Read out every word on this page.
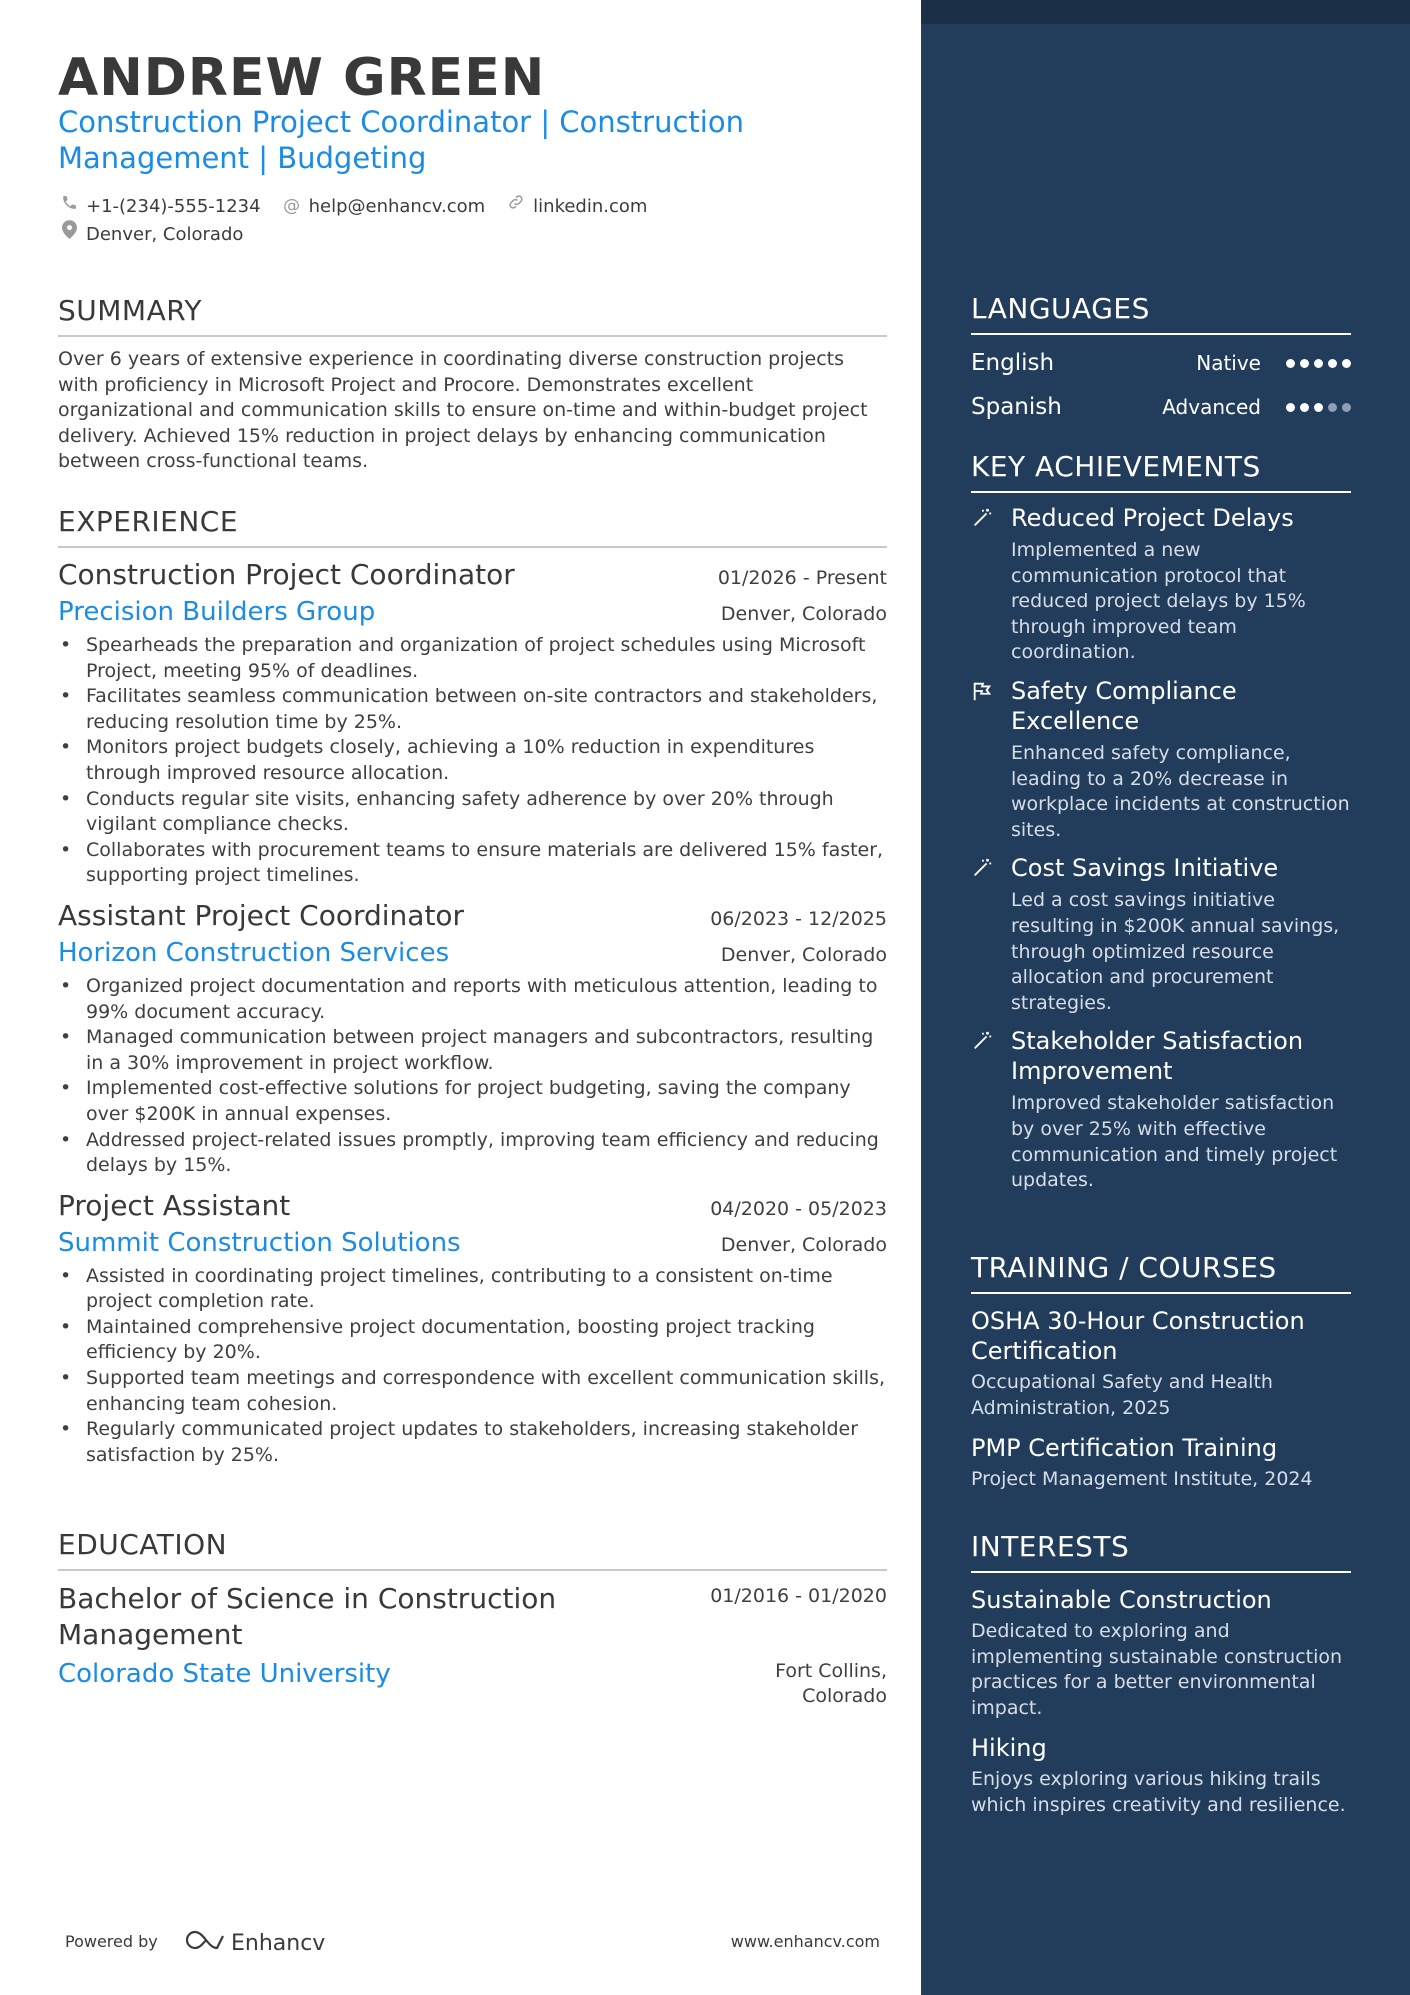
ANDREW GREEN
Construction Project Coordinator | Construction Management | Budgeting
+1-(234)-555-1234 @ help@enhancv.com	linkedin.com
Denver, Colorado
SUMMARY
Over 6 years of extensive experience in coordinating diverse construction projects with proficiency in Microsoft Project and Procore. Demonstrates excellent organizational and communication skills to ensure on-time and within-budget project delivery. Achieved 15% reduction in project delays by enhancing communication between cross-functional teams.
EXPERIENCE
Construction Project Coordinator	01/2026 - Present
Precision Builders Group	Denver, Colorado
• Spearheads the preparation and organization of project schedules using Microsoft Project, meeting 95% of deadlines.
• Facilitates seamless communication between on-site contractors and stakeholders, reducing resolution time by 25%.
• Monitors project budgets closely, achieving a 10% reduction in expenditures through improved resource allocation.
• Conducts regular site visits, enhancing safety adherence by over 20% through vigilant compliance checks.
• Collaborates with procurement teams to ensure materials are delivered 15% faster, supporting project timelines.
Assistant Project Coordinator	06/2023 - 12/2025
Horizon Construction Services	Denver, Colorado
• Organized project documentation and reports with meticulous attention, leading to 99% document accuracy.
• Managed communication between project managers and subcontractors, resulting in a 30% improvement in project workflow.
• Implemented cost-effective solutions for project budgeting, saving the company over $200K in annual expenses.
• Addressed project-related issues promptly, improving team efficiency and reducing delays by 15%.
Project Assistant	04/2020 - 05/2023
Summit Construction Solutions	Denver, Colorado
• Assisted in coordinating project timelines, contributing to a consistent on-time project completion rate.
• Maintained comprehensive project documentation, boosting project tracking efficiency by 20%.
• Supported team meetings and correspondence with excellent communication skills, enhancing team cohesion.
• Regularly communicated project updates to stakeholders, increasing stakeholder satisfaction by 25%.
EDUCATION
Bachelor of Science in Construction Management
01/2016 - 01/2020
Colorado State University	Fort Collins,
Colorado
Powered by	Enhancv	www.enhancv.com
LANGUAGES
English	Native
Spanish	Advanced
KEY ACHIEVEMENTS
Reduced Project Delays
Implemented a new communication protocol that reduced project delays by 15% through improved team coordination.
Safety Compliance Excellence
Enhanced safety compliance, leading to a 20% decrease in workplace incidents at construction sites.
Cost Savings Initiative
Led a cost savings initiative resulting in $200K annual savings, through optimized resource allocation and procurement strategies.
Stakeholder Satisfaction Improvement
Improved stakeholder satisfaction by over 25% with effective communication and timely project updates.
TRAINING / COURSES
OSHA 30-Hour Construction Certification
Occupational Safety and Health Administration, 2025
PMP Certification Training
Project Management Institute, 2024
INTERESTS
Sustainable Construction
Dedicated to exploring and implementing sustainable construction practices for a better environmental impact.
Hiking
Enjoys exploring various hiking trails which inspires creativity and resilience.
